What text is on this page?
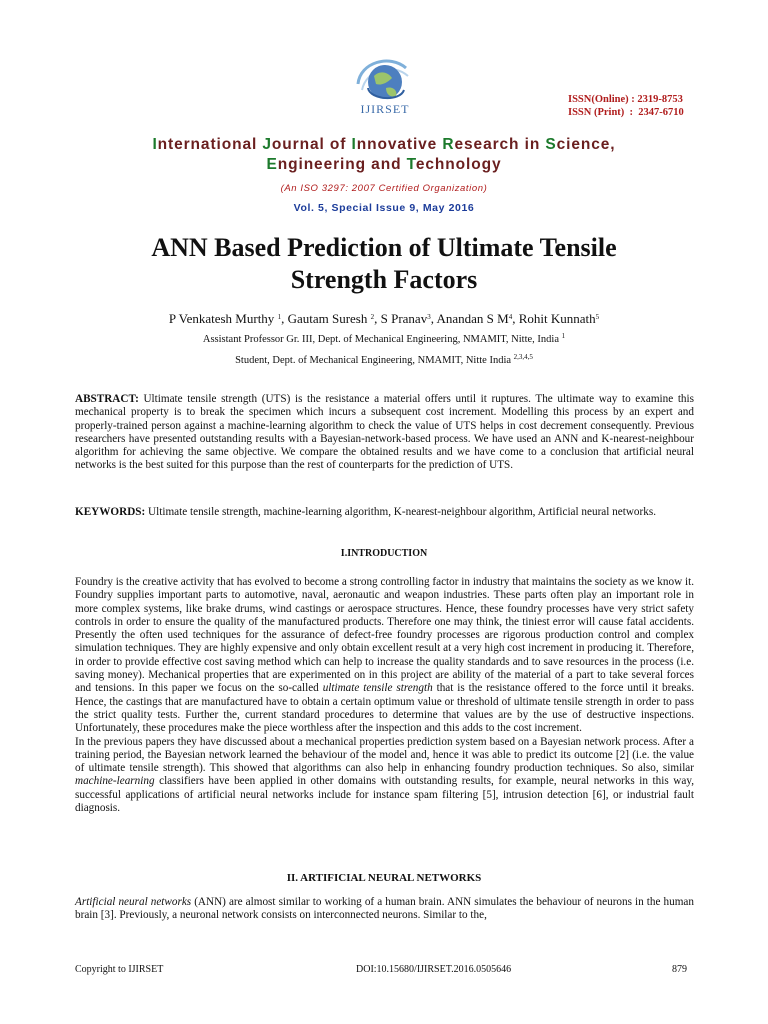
IJIRSET
ISSN(Online) : 2319-8753
ISSN (Print)  :  2347-6710
International Journal of Innovative Research in Science,
Engineering and Technology
(An ISO 3297: 2007 Certified Organization)
Vol. 5, Special Issue 9, May 2016
ANN Based Prediction of Ultimate Tensile
Strength Factors
P Venkatesh Murthy $^1$, Gautam Suresh $^2$, S Pranav$^3$, Anandan S $M^4$, Rohit Kunnath$^5$
Assistant Professor Gr. III, Dept. of Mechanical Engineering, NMAMIT, Nitte, India $^1$
Student, Dept. of Mechanical Engineering, NMAMIT, Nitte India $^{2,3,4,5}$
ABSTRACT: Ultimate tensile strength (UTS) is the resistance a material offers until it ruptures. The ultimate way to examine this mechanical property is to break the specimen which incurs a subsequent cost increment. Modelling this process by an expert and properly-trained person against a machine-learning algorithm to check the value of UTS helps in cost decrement consequently. Previous researchers have presented outstanding results with a Bayesian-network-based process. We have used an ANN and K-nearest-neighbour algorithm for achieving the same objective. We compare the obtained results and we have come to a conclusion that artificial neural networks is the best suited for this purpose than the rest of counterparts for the prediction of UTS.
KEYWORDS: Ultimate tensile strength, machine-learning algorithm, K-nearest-neighbour algorithm, Artificial neural networks.
I.INTRODUCTION
Foundry is the creative activity that has evolved to become a strong controlling factor in industry that maintains the society as we know it. Foundry supplies important parts to automotive, naval, aeronautic and weapon industries. These parts often play an important role in more complex systems, like brake drums, wind castings or aerospace structures. Hence, these foundry processes have very strict safety controls in order to ensure the quality of the manufactured products. Therefore one may think, the tiniest error will cause fatal accidents. Presently the often used techniques for the assurance of defect-free foundry processes are rigorous production control and complex simulation techniques. They are highly expensive and only obtain excellent result at a very high cost increment in producing it. Therefore, in order to provide effective cost saving method which can help to increase the quality standards and to save resources in the process (i.e. saving money). Mechanical properties that are experimented on in this project are ability of the material of a part to take several forces and tensions. In this paper we focus on the so-called ultimate tensile strength that is the resistance offered to the force until it breaks. Hence, the castings that are manufactured have to obtain a certain optimum value or threshold of ultimate tensile strength in order to pass the strict quality tests. Further the, current standard procedures to determine that values are by the use of destructive inspections. Unfortunately, these procedures make the piece worthless after the inspection and this adds to the cost increment.
In the previous papers they have discussed about a mechanical properties prediction system based on a Bayesian network process. After a training period, the Bayesian network learned the behaviour of the model and, hence it was able to predict its outcome [2] (i.e. the value of ultimate tensile strength). This showed that algorithms can also help in enhancing foundry production techniques. So also, similar machine-learning classifiers have been applied in other domains with outstanding results, for example, neural networks in this way, successful applications of artificial neural networks include for instance spam filtering [5], intrusion detection [6], or industrial fault diagnosis.
II. ARTIFICIAL NEURAL NETWORKS
Artificial neural networks (ANN) are almost similar to working of a human brain. ANN simulates the behaviour of neurons in the human brain [3]. Previously, a neuronal network consists on interconnected neurons. Similar to the,
Copyright to IJIRSET	DOI:10.15680/IJIRSET.2016.0505646	879
